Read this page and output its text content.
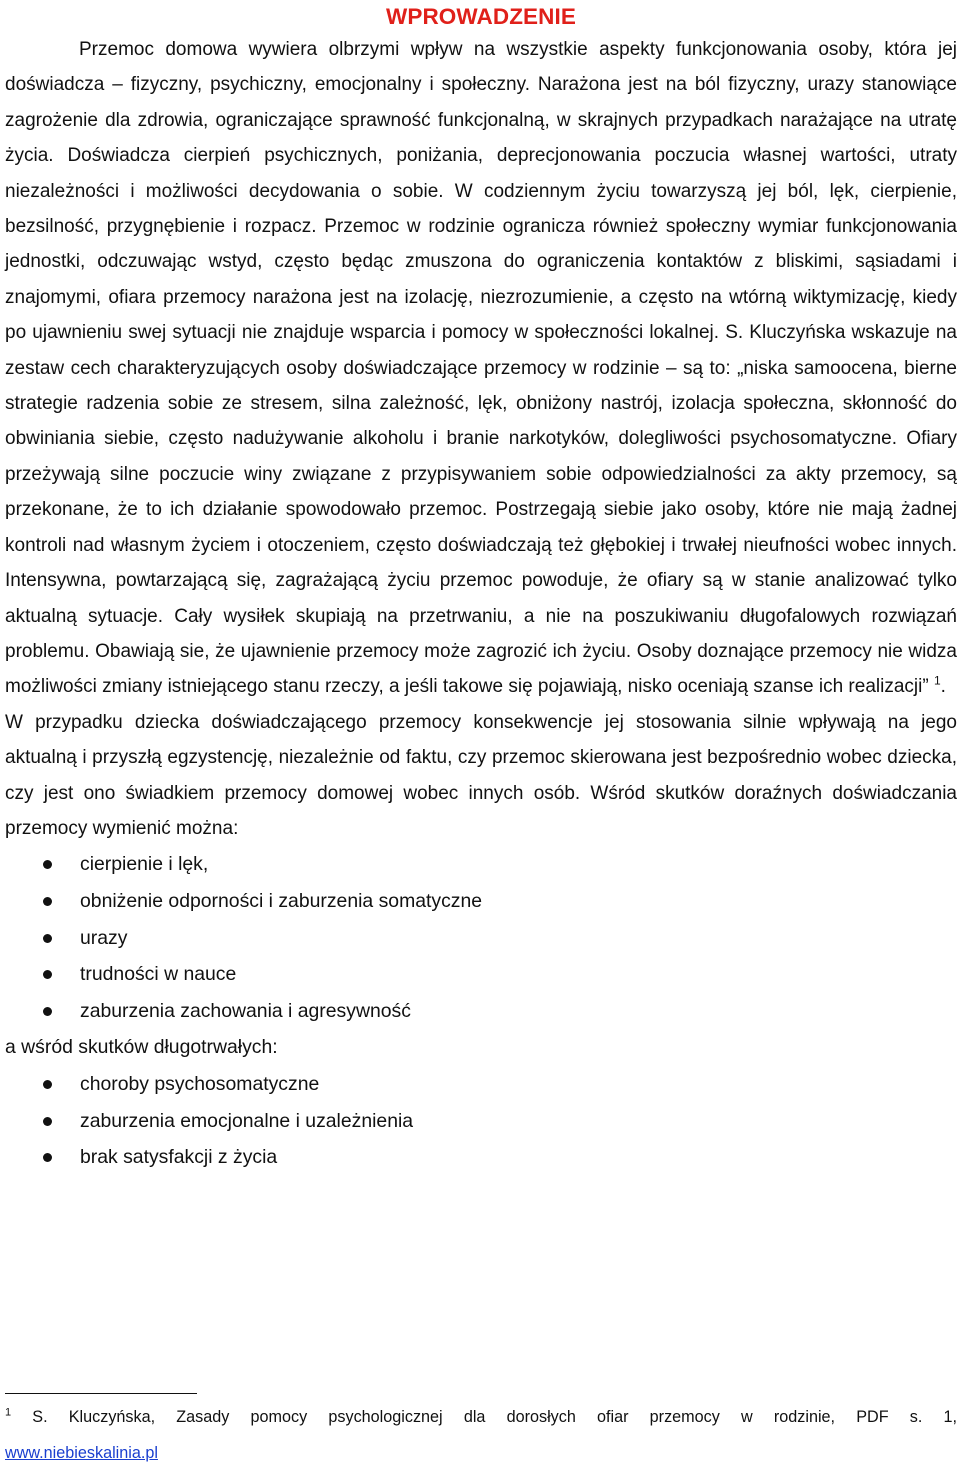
WPROWADZENIE

Przemoc domowa wywiera olbrzymi wpływ na wszystkie aspekty funkcjonowania osoby, która jej doświadcza – fizyczny, psychiczny, emocjonalny i społeczny. Narażona jest na ból fizyczny, urazy stanowiące zagrożenie dla zdrowia, ograniczające sprawność funkcjonalną, w skrajnych przypadkach narażające na utratę życia. Doświadcza cierpień psychicznych, poniżania, deprecjonowania poczucia własnej wartości, utraty niezależności i możliwości decydowania o sobie. W codziennym życiu towarzyszą jej ból, lęk, cierpienie, bezsilność, przygnębienie i rozpacz. Przemoc w rodzinie ogranicza również społeczny wymiar funkcjonowania jednostki, odczuwając wstyd, często będąc zmuszona do ograniczenia kontaktów z bliskimi, sąsiadami i znajomymi, ofiara przemocy narażona jest na izolację, niezrozumienie, a często na wtórną wiktymizację, kiedy po ujawnieniu swej sytuacji nie znajduje wsparcia i pomocy w społeczności lokalnej. S. Kluczyńska wskazuje na zestaw cech charakteryzujących osoby doświadczające przemocy w rodzinie – są to: „niska samoocena, bierne strategie radzenia sobie ze stresem, silna zależność, lęk, obniżony nastrój, izolacja społeczna, skłonność do obwiniania siebie, często nadużywanie alkoholu i branie narkotyków, dolegliwości psychosomatyczne. Ofiary przeżywają silne poczucie winy związane z przypisywaniem sobie odpowiedzialności za akty przemocy, są przekonane, że to ich działanie spowodowało przemoc. Postrzegają siebie jako osoby, które nie mają żadnej kontroli nad własnym życiem i otoczeniem, często doświadczają też głębokiej i trwałej nieufności wobec innych. Intensywna, powtarzającą się, zagrażającą życiu przemoc powoduje, że ofiary są w stanie analizować tylko aktualną sytuacje. Cały wysiłek skupiają na przetrwaniu, a nie na poszukiwaniu długofalowych rozwiązań problemu. Obawiają sie, że ujawnienie przemocy może zagrozić ich życiu. Osoby doznające przemocy nie widza możliwości zmiany istniejącego stanu rzeczy, a jeśli takowe się pojawiają, nisko oceniają szanse ich realizacji” $^1$.

W przypadku dziecka doświadczającego przemocy konsekwencje jej stosowania silnie wpływają na jego aktualną i przyszłą egzystencję, niezależnie od faktu, czy przemoc skierowana jest bezpośrednio wobec dziecka, czy jest ono świadkiem przemocy domowej wobec innych osób. Wśród skutków doraźnych doświadczania przemocy wymienić można:

cierpienie i lęk,
obniżenie odporności i zaburzenia somatyczne
urazy
trudności w nauce
zaburzenia zachowania i agresywność

a wśród skutków długotrwałych:

choroby psychosomatyczne
zaburzenia emocjonalne i uzależnienia
brak satysfakcji z życia
$^1$ S. Kluczyńska, Zasady pomocy psychologicznej dla dorosłych ofiar przemocy w rodzinie, PDF s. 1,
www.niebieskalinia.pl
